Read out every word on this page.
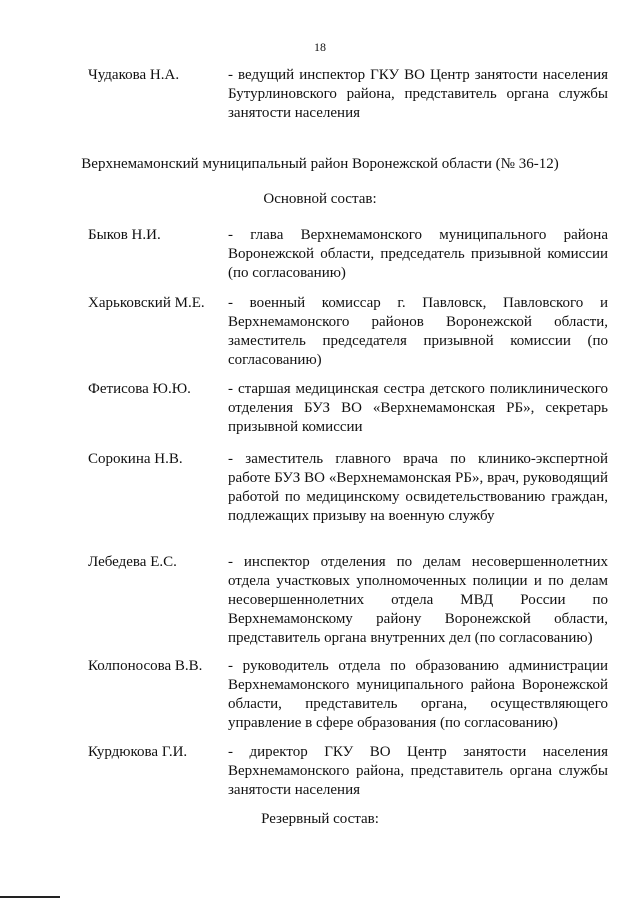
18
Чудакова Н.А.	- ведущий инспектор ГКУ ВО Центр занятости населения Бутурлиновского района, представитель органа службы занятости населения
Верхнемамонский муниципальный район Воронежской области (№ 36-12)
Основной состав:
Быков Н.И.	- глава Верхнемамонского муниципального района Воронежской области, председатель призывной комиссии (по согласованию)
Харьковский М.Е. - военный комиссар г. Павловск, Павловского и Верхнемамонского районов Воронежской области, заместитель председателя призывной комиссии (по согласованию)
Фетисова Ю.Ю. - старшая медицинская сестра детского поликлинического отделения БУЗ ВО «Верхнемамонская РБ», секретарь призывной комиссии
Сорокина Н.В.	- заместитель главного врача по клинико-экспертной работе БУЗ ВО «Верхнемамонская РБ», врач, руководящий работой по медицинскому освидетельствованию граждан, подлежащих призыву на военную службу
Лебедева Е.С.	- инспектор отделения по делам несовершеннолетних отдела участковых уполномоченных полиции и по делам несовершеннолетних отдела МВД России по Верхнемамонскому району Воронежской области, представитель органа внутренних дел (по согласованию)
Колпоносова В.В. - руководитель отдела по образованию администрации Верхнемамонского муниципального района Воронежской области, представитель органа, осуществляющего управление в сфере образования (по согласованию)
Курдюкова Г.И.	- директор ГКУ ВО Центр занятости населения Верхнемамонского района, представитель органа службы занятости населения
Резервный состав:
